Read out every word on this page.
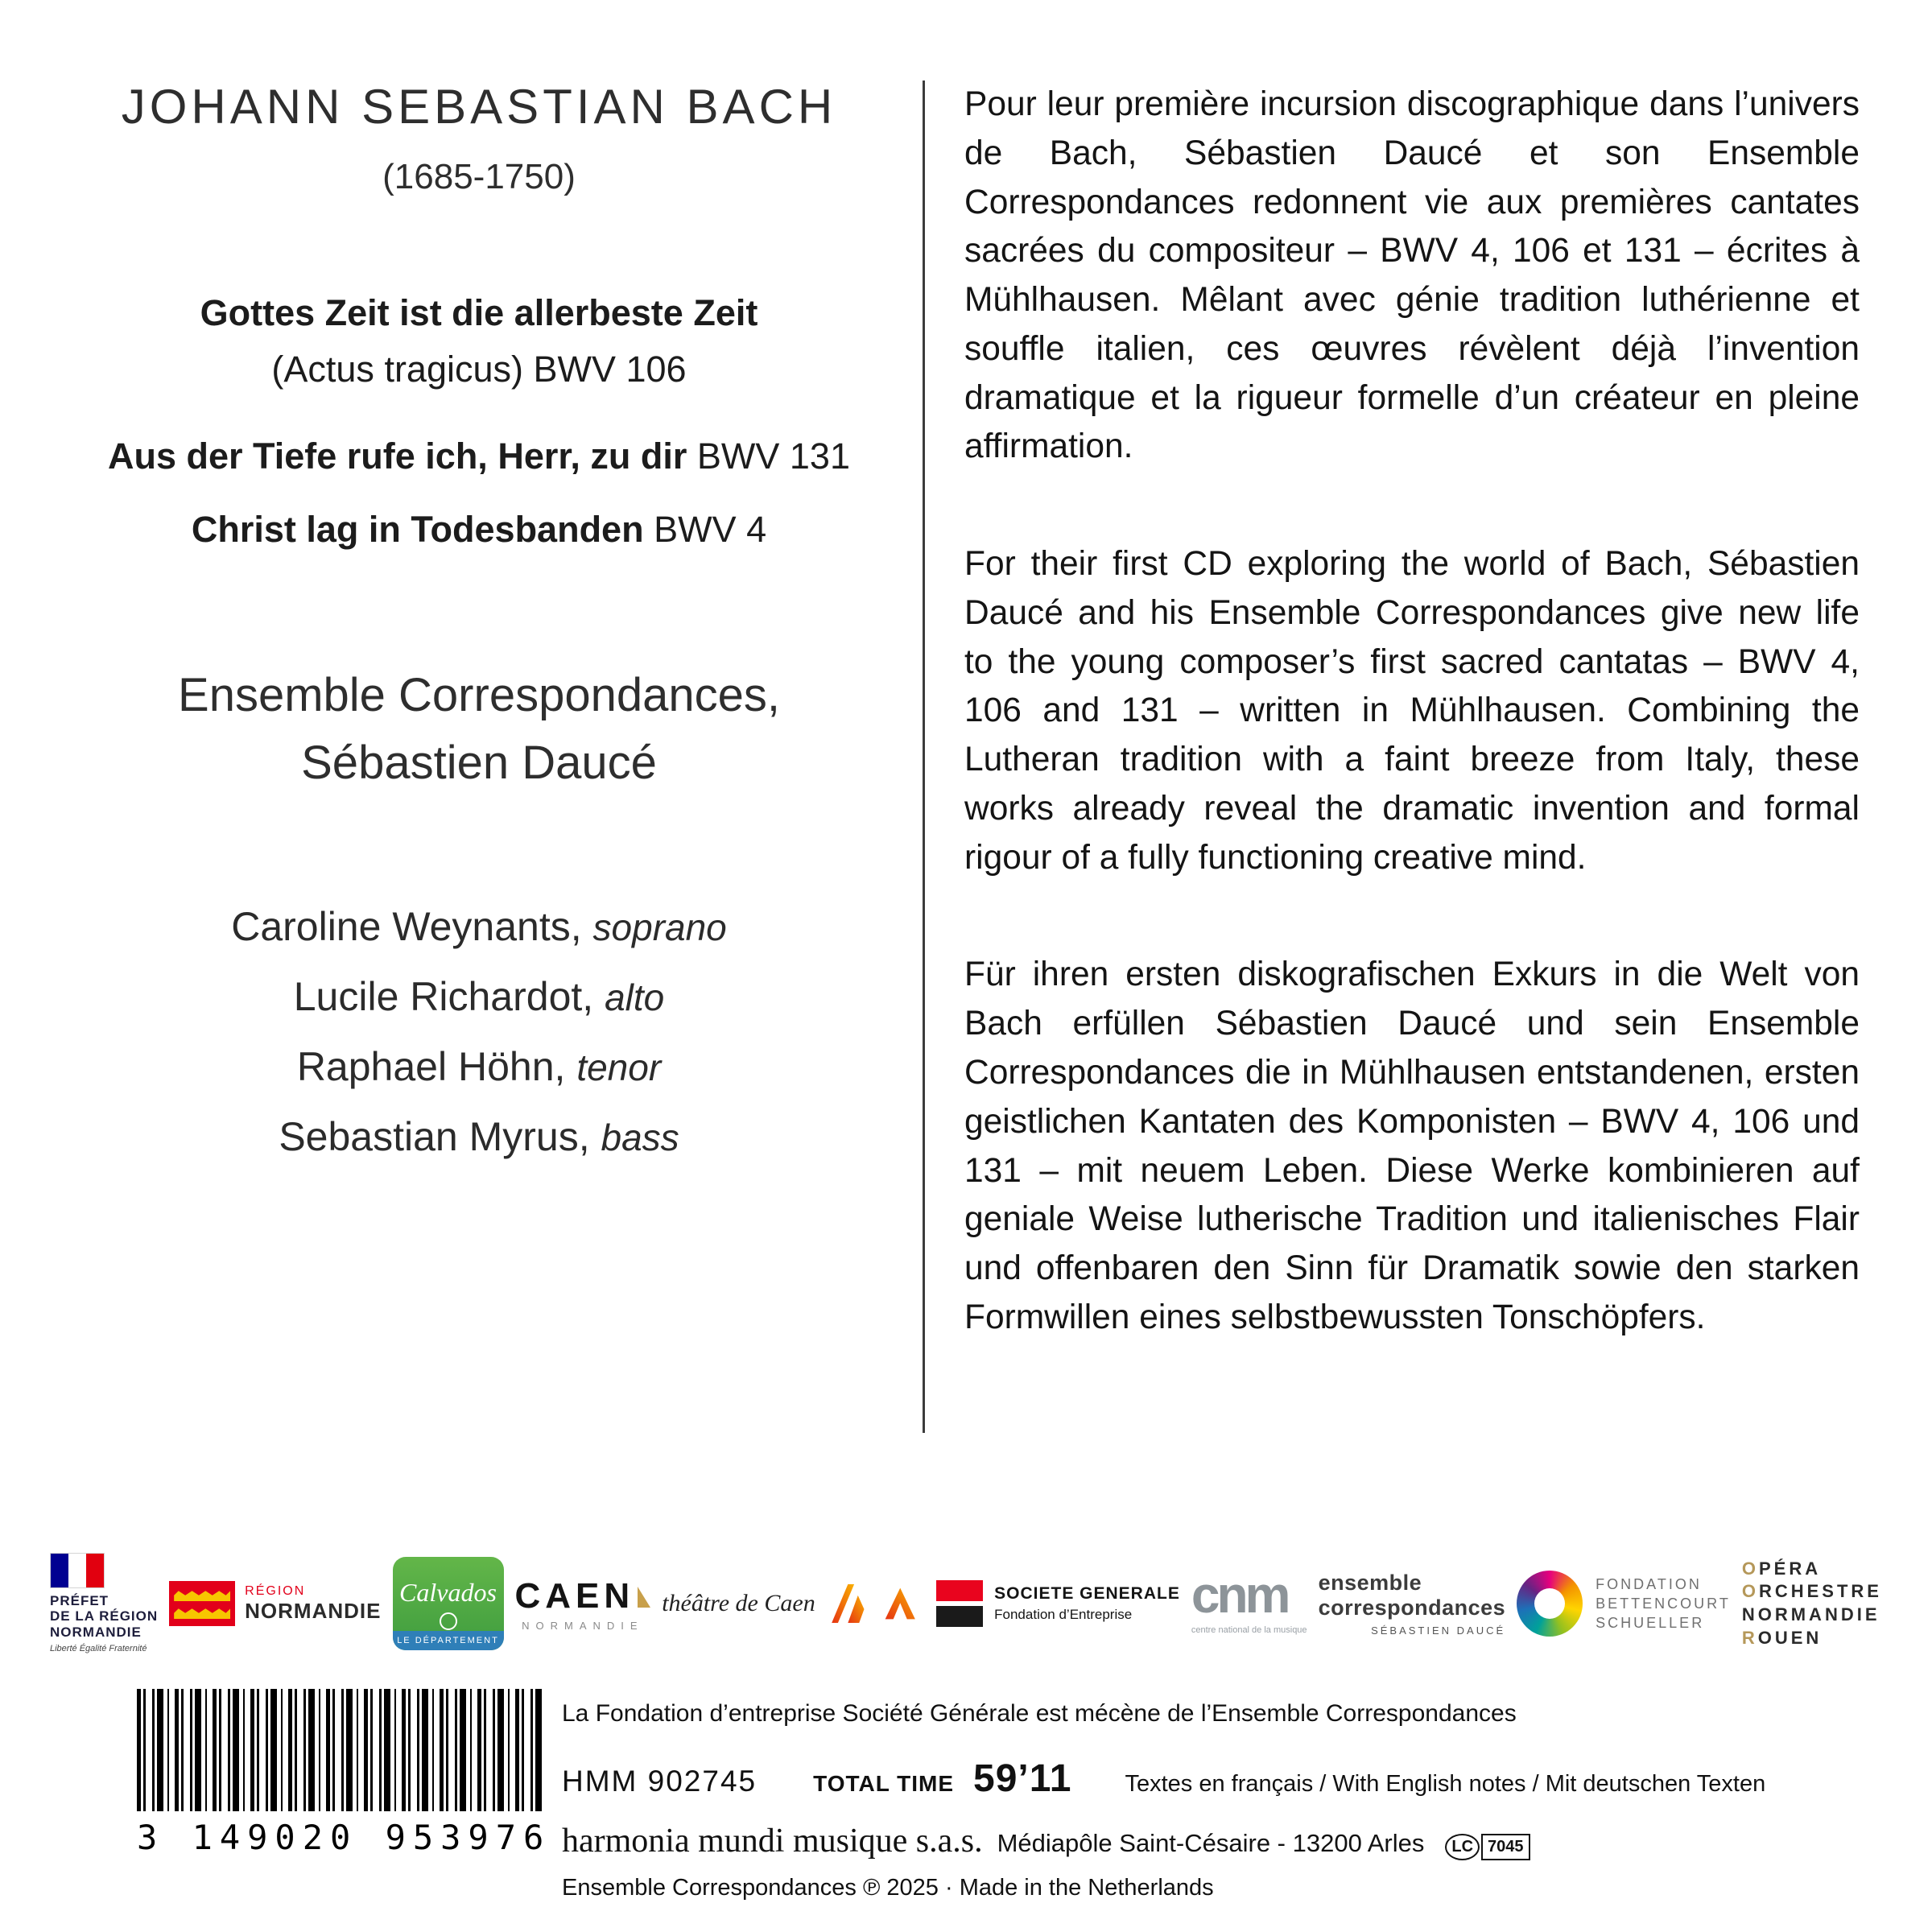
JOHANN SEBASTIAN BACH
(1685-1750)
Gottes Zeit ist die allerbeste Zeit
(Actus tragicus) BWV 106
Aus der Tiefe rufe ich, Herr, zu dir BWV 131
Christ lag in Todesbanden BWV 4
Ensemble Correspondances,
Sébastien Daucé
Caroline Weynants, soprano
Lucile Richardot, alto
Raphael Höhn, tenor
Sebastian Myrus, bass

Pour leur première incursion discographique dans l’univers de Bach, Sébastien Daucé et son Ensemble Correspondances redonnent vie aux premières cantates sacrées du compositeur – BWV 4, 106 et 131 – écrites à Mühlhausen. Mêlant avec génie tradition luthérienne et souffle italien, ces œuvres révèlent déjà l’invention dramatique et la rigueur formelle d’un créateur en pleine affirmation.

For their first CD exploring the world of Bach, Sébastien Daucé and his Ensemble Correspondances give new life to the young composer’s first sacred cantatas – BWV 4, 106 and 131 – written in Mühlhausen. Combining the Lutheran tradition with a faint breeze from Italy, these works already reveal the dramatic invention and formal rigour of a fully functioning creative mind.

Für ihren ersten diskografischen Exkurs in die Welt von Bach erfüllen Sébastien Daucé und sein Ensemble Correspondances die in Mühlhausen entstandenen, ersten geistlichen Kantaten des Komponisten – BWV 4, 106 und 131 – mit neuem Leben. Diese Werke kombinieren auf geniale Weise lutherische Tradition und italienisches Flair und offenbaren den Sinn für Dramatik sowie den starken Formwillen eines selbstbewussten Tonschöpfers.

PRÉFET
DE LA RÉGION
NORMANDIE
Liberté Égalité Fraternité
RÉGION
NORMANDIE
Calvados
LE DÉPARTEMENT
CAEN
NORMANDIE
théâtre de Caen	SOCIETE GENERALE
Fondation d’Entreprise	cnm
centre national de la musique
ensemble
correspondances
SÉBASTIEN DAUCÉ
FONDATION
BETTENCOURT
SCHUELLER
OPÉRA
ORCHESTRE
NORMANDIE
ROUEN
3 149020 953976
La Fondation d’entreprise Société Générale est mécène de l’Ensemble Correspondances
HMM 902745	TOTAL TIME 59’11 Textes en français / With English notes / Mit deutschen Texten
harmonia mundi musique s.a.s. Médiapôle Saint-Césaire - 13200 Arles	LC 7045
Ensemble Correspondances ℗ 2025 · Made in the Netherlands
